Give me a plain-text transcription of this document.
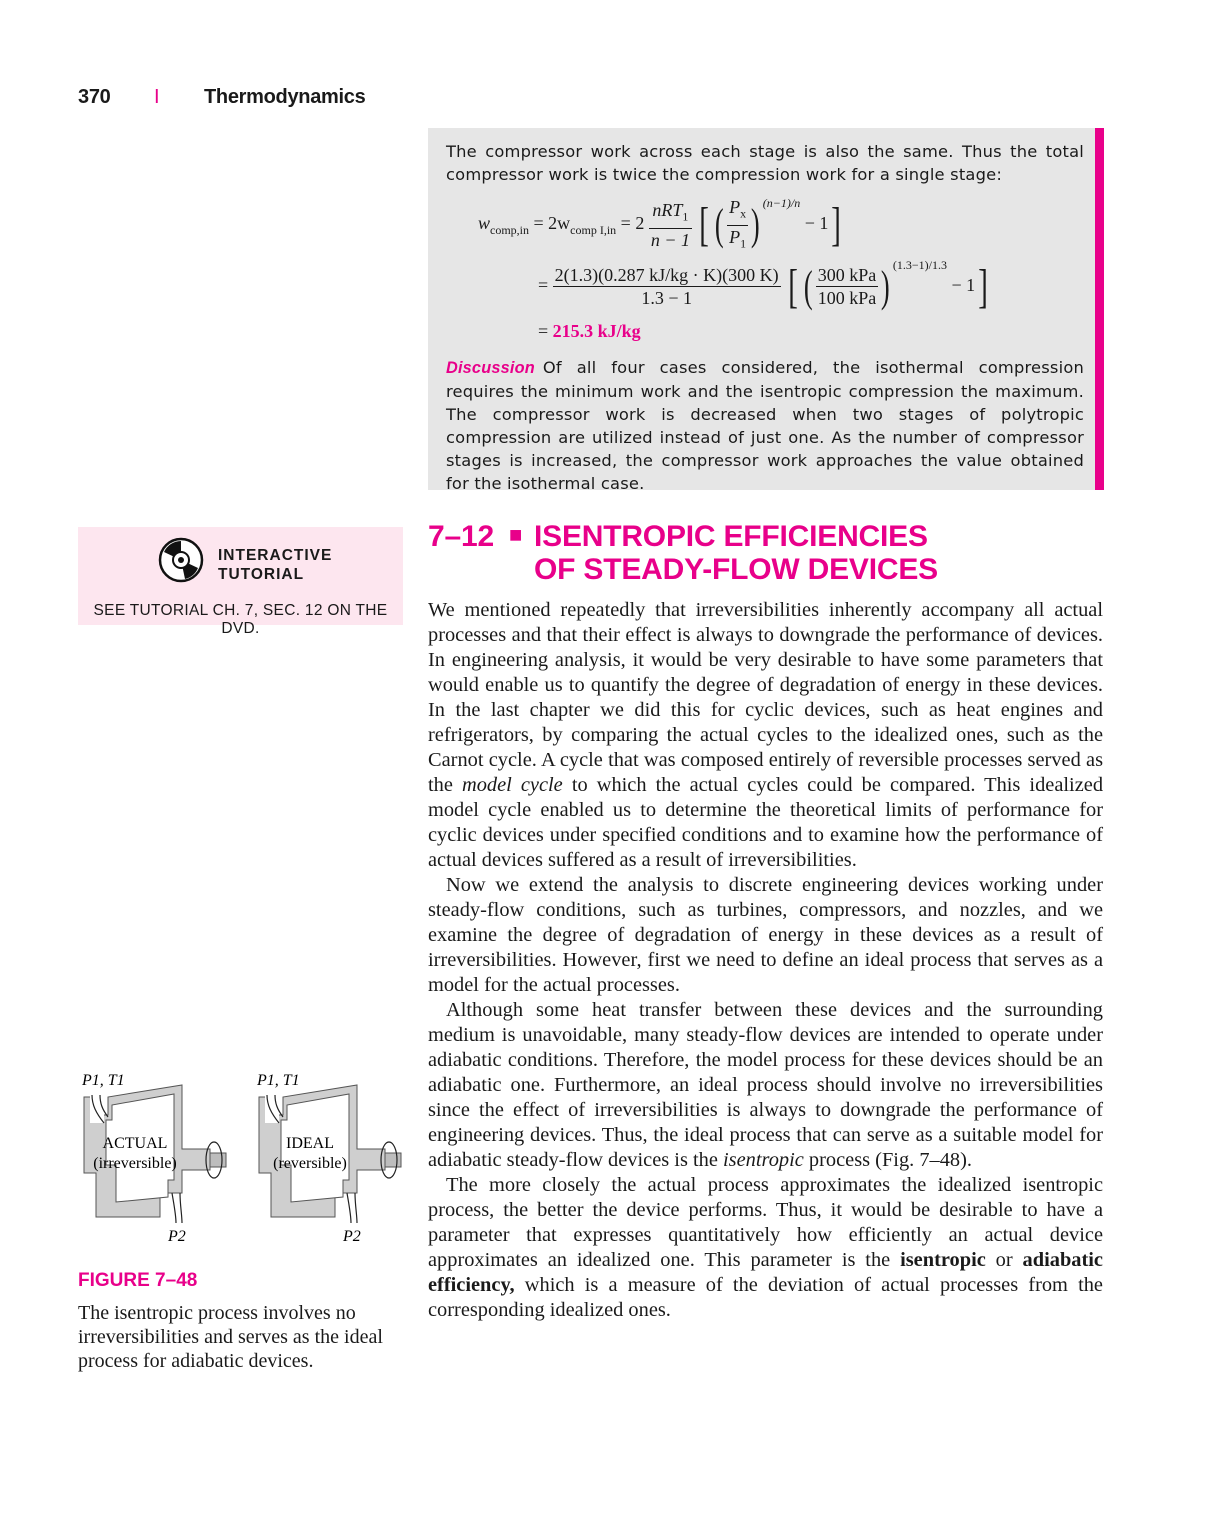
370 I Thermodynamics
The compressor work across each stage is also the same. Thus the total compressor work is twice the compression work for a single stage:
$w_{comp,in} = 2w_{comp I,in} = 2 \frac{nRT_1}{n - 1}$ [ ( $\frac{P_x}{P_1}$ ) $^{(n-1)/n}$ − 1]
= $\frac{2(1.3)(0.287 kJ/kg \cdot K)(300 K)}{1.3 - 1}$ [ ( $\frac{\text{300 kPa}}{\text{100 kPa}}$ ) $^{(1.3-1)/1.3}$ − 1]
= 215.3 kJ/kg
Discussion Of all four cases considered, the isothermal compression requires the minimum work and the isentropic compression the maximum. The compressor work is decreased when two stages of polytropic compression are utilized instead of just one. As the number of compressor stages is increased, the compressor work approaches the value obtained for the isothermal case.
INTERACTIVE
TUTORIAL
SEE TUTORIAL CH. 7, SEC. 12 ON THE DVD.
7–12 ■ ISENTROPIC EFFICIENCIES
OF STEADY-FLOW DEVICES

We mentioned repeatedly that irreversibilities inherently accompany all actual processes and that their effect is always to downgrade the performance of devices. In engineering analysis, it would be very desirable to have some parameters that would enable us to quantify the degree of degradation of energy in these devices. In the last chapter we did this for cyclic devices, such as heat engines and refrigerators, by comparing the actual cycles to the idealized ones, such as the Carnot cycle. A cycle that was composed entirely of reversible processes served as the model cycle to which the actual cycles could be compared. This idealized model cycle enabled us to determine the theoretical limits of performance for cyclic devices under specified conditions and to examine how the performance of actual devices suffered as a result of irreversibilities.

Now we extend the analysis to discrete engineering devices working under steady-flow conditions, such as turbines, compressors, and nozzles, and we examine the degree of degradation of energy in these devices as a result of irreversibilities. However, first we need to define an ideal process that serves as a model for the actual processes.

Although some heat transfer between these devices and the surrounding medium is unavoidable, many steady-flow devices are intended to operate under adiabatic conditions. Therefore, the model process for these devices should be an adiabatic one. Furthermore, an ideal process should involve no irreversibilities since the effect of irreversibilities is always to downgrade the performance of engineering devices. Thus, the ideal process that can serve as a suitable model for adiabatic steady-flow devices is the isentropic process (Fig. 7–48).

The more closely the actual process approximates the idealized isentropic process, the better the device performs. Thus, it would be desirable to have a parameter that expresses quantitatively how efficiently an actual device approximates an idealized one. This parameter is the isentropic or adiabatic efficiency, which is a measure of the deviation of actual processes from the corresponding idealized ones.

ACTUAL
(irreversible)
P1, T1
P2
IDEAL
(reversible)
P1, T1
P2
FIGURE 7–48
The isentropic process involves no irreversibilities and serves as the ideal process for adiabatic devices.
